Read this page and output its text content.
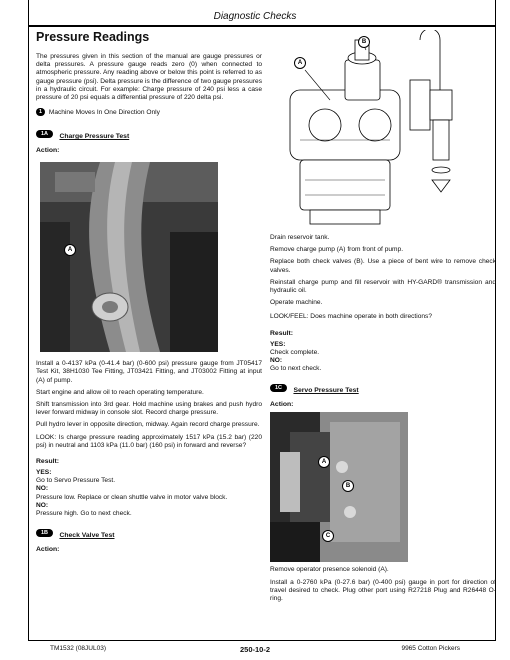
Diagnostic Checks
Pressure Readings

The pressures given in this section of the manual are gauge pressures or delta pressures. A pressure gauge reads zero (0) when connected to atmospheric pressure. Any reading above or below this point is referred to as gauge pressure (psi). Delta pressure is the difference of two gauge pressures in a hydraulic circuit. For example: Charge pressure of 240 psi less a case pressure of 20 psi equals a differential pressure of 220 delta psi.

1 Machine Moves In One Direction Only

1A Charge Pressure Test
Action:
A

Install a 0-4137 kPa (0-41.4 bar) (0-600 psi) pressure gauge from JT05417 Test Kit, 38H1030 Tee Fitting, JT03421 Fitting, and JT03002 Fitting at input (A) of pump.

Start engine and allow oil to reach operating temperature.

Shift transmission into 3rd gear. Hold machine using brakes and push hydro lever forward midway in console slot. Record charge pressure.

Pull hydro lever in opposite direction, midway. Again record charge pressure.

LOOK: Is charge pressure reading approximately 1517 kPa (15.2 bar) (220 psi) in neutral and 1103 kPa (11.0 bar) (160 psi) in forward and reverse?

Result:

YES:

Go to Servo Pressure Test.

NO:

Pressure low. Replace or clean shuttle valve in motor valve block.

NO:

Pressure high. Go to next check.

1B Check Valve Test
Action:
A
B

Drain reservoir tank.

Remove charge pump (A) from front of pump.

Replace both check valves (B). Use a piece of bent wire to remove check valves.

Reinstall charge pump and fill reservoir with HY-GARD® transmission and hydraulic oil.

Operate machine.

LOOK/FEEL: Does machine operate in both directions?

Result:

YES:

Check complete.

NO:

Go to next check.

1C Servo Pressure Test
Action:
A
B
C

Remove operator presence solenoid (A).

Install a 0-2760 kPa (0-27.6 bar) (0-400 psi) gauge in port for direction of travel desired to check. Plug other port using R27218 Plug and R26448 O-ring.

TM1532 (08JUL03)	250-10-2	9965 Cotton Pickers
